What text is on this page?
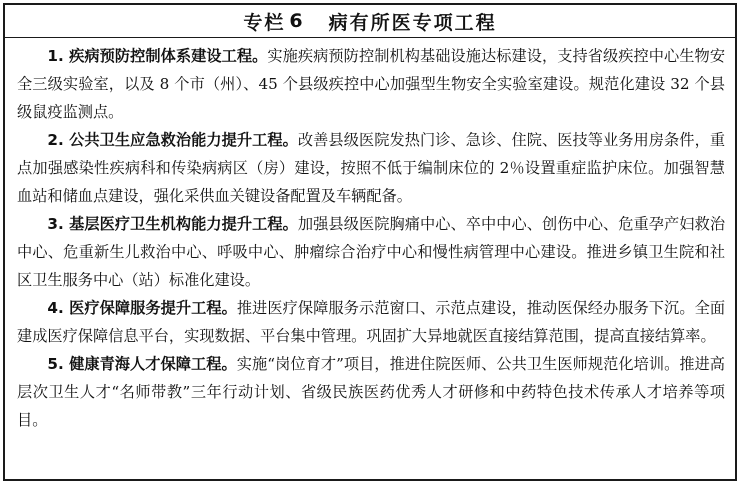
专栏 6 病有所医专项工程

1. 疾病预防控制体系建设工程。实施疾病预防控制机构基础设施达标建设，支持省级疾控中心生物安全三级实验室，以及 8 个市（州）、45 个县级疾控中心加强型生物安全实验室建设。规范化建设 32 个县级鼠疫监测点。

2. 公共卫生应急救治能力提升工程。改善县级医院发热门诊、急诊、住院、医技等业务用房条件，重点加强感染性疾病科和传染病病区（房）建设，按照不低于编制床位的 2％设置重症监护床位。加强智慧血站和储血点建设，强化采供血关键设备配置及车辆配备。

3. 基层医疗卫生机构能力提升工程。加强县级医院胸痛中心、卒中中心、创伤中心、危重孕产妇救治中心、危重新生儿救治中心、呼吸中心、肿瘤综合治疗中心和慢性病管理中心建设。推进乡镇卫生院和社区卫生服务中心（站）标准化建设。

4. 医疗保障服务提升工程。推进医疗保障服务示范窗口、示范点建设，推动医保经办服务下沉。全面建成医疗保障信息平台，实现数据、平台集中管理。巩固扩大异地就医直接结算范围，提高直接结算率。

5. 健康青海人才保障工程。实施“岗位育才”项目，推进住院医师、公共卫生医师规范化培训。推进高层次卫生人才“名师带教”三年行动计划、省级民族医药优秀人才研修和中药特色技术传承人才培养等项目。
